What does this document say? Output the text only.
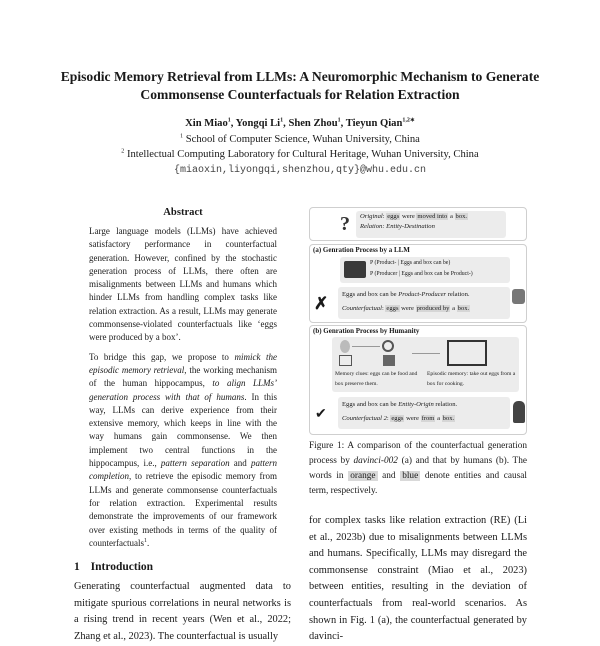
Episodic Memory Retrieval from LLMs: A Neuromorphic Mechanism to Generate Commonsense Counterfactuals for Relation Extraction
Xin Miao$^1$, Yongqi Li$^1$, Shen Zhou$^1$, Tieyun Qian$^{1,2∗}$
$^1$ School of Computer Science, Wuhan University, China
$^2$ Intellectual Computing Laboratory for Cultural Heritage, Wuhan University, China
{miaoxin,liyongqi,shenzhou,qty}@whu.edu.cn
Abstract
Large language models (LLMs) have achieved satisfactory performance in counterfactual generation. However, confined by the stochastic generation process of LLMs, there often are misalignments between LLMs and humans which hinder LLMs from handling complex tasks like relation extraction. As a result, LLMs may generate commonsense-violated counterfactuals like ‘eggs were produced by a box’.
To bridge this gap, we propose to mimick the episodic memory retrieval, the working mechanism of the human hippocampus, to align LLMs’ generation process with that of humans. In this way, LLMs can derive experience from their extensive memory, which keeps in line with the way humans gain commonsense. We then implement two central functions in the hippocampus, i.e., pattern separation and pattern completion, to retrieve the episodic memory from LLMs and generate commonsense counterfactuals for relation extraction. Experimental results demonstrate the improvements of our framework over existing methods in terms of the quality of counterfactuals$^1$.
1 Introduction
Generating counterfactual augmented data to mitigate spurious correlations in neural networks is a rising trend in recent years (Wen et al., 2022; Zhang et al., 2023). The counterfactual is usually
? Original: eggs were moved into a box.
Relation: Entity-Destination
(a) Genration Process by a LLM
P (Product- | Eggs and box can be)
P (Producer | Eggs and box can be Product-)
✗ Eggs and box can be Product-Producer relation.
Counterfactual: eggs were produced by a box.
(b) Genration Process by Humanity
Memory clues: eggs can be food and box preserve them.
Episodic memory: take out eggs from a box for cooking.
✔
Eggs and box can be Entity-Origin relation.
Counterfactual 2: eggs were from a box.
Figure 1: A comparison of the counterfactual generation process by davinci-002 (a) and that by humans (b). The words in orange and blue denote entities and causal term, respectively.
for complex tasks like relation extraction (RE) (Li et al., 2023b) due to misalignments between LLMs and humans. Specifically, LLMs may disregard the commonsense constraint (Miao et al., 2023) between entities, resulting in the deviation of counterfactuals from real-world scenarios. As shown in Fig. 1 (a), the counterfactual generated by davinci-
